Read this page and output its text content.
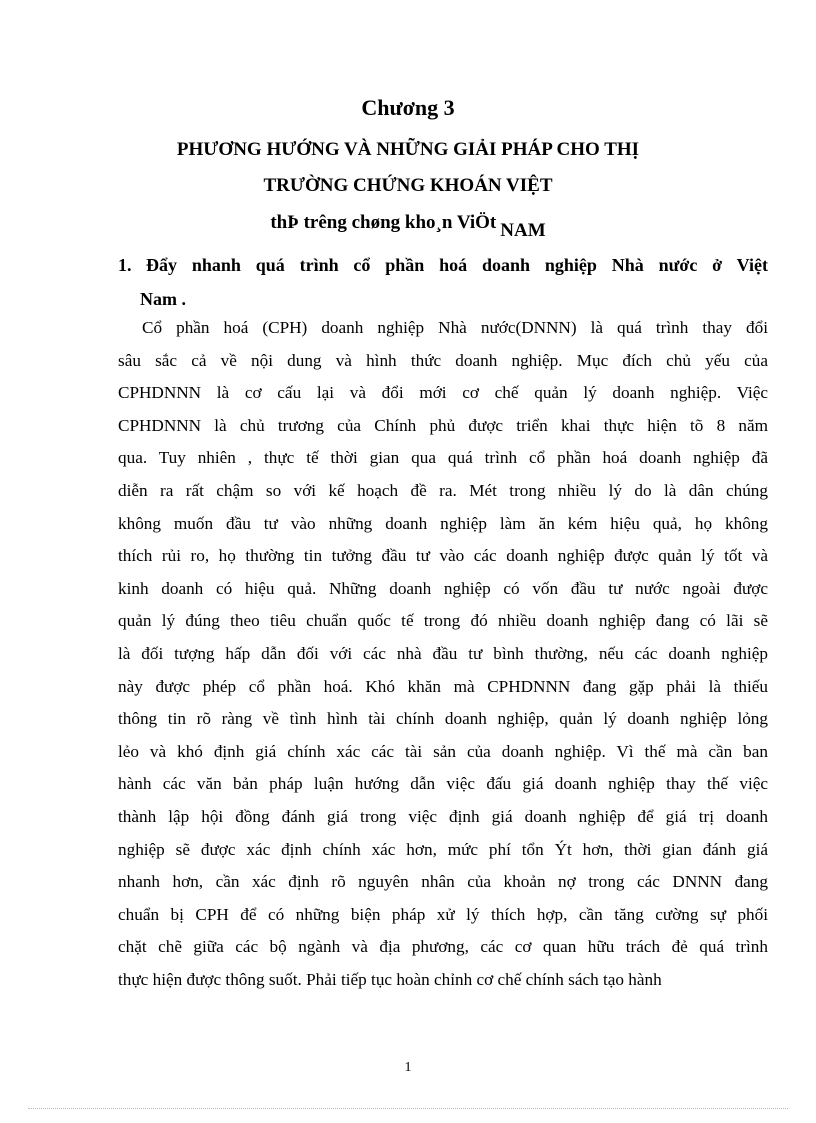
Chương 3
PHƯƠNG HƯỚNG VÀ NHỮNG GIẢI PHÁP CHO THỊ
TRƯỜNG CHỨNG KHOÁN VIỆT
thÞ trêng chøng kho¸n ViÖt NAM
1. Đẩy nhanh quá trình cổ phần hoá doanh nghiệp Nhà nước ở Việt
Nam .
Cổ phần hoá (CPH) doanh nghiệp Nhà nước(DNNN) là quá trình thay đổi
sâu sắc cả về nội dung và hình thức doanh nghiệp. Mục đích chủ yếu của
CPHDNNN là cơ cấu lại và đổi mới cơ chế quản lý doanh nghiệp. Việc
CPHDNNN là chủ trương của Chính phủ được triển khai thực hiện tõ 8 năm
qua. Tuy nhiên , thực tế thời gian qua quá trình cổ phần hoá doanh nghiệp đã
diễn ra rất chậm so với kế hoạch đề ra. Mét trong nhiều lý do là dân chúng
không muốn đầu tư vào những doanh nghiệp làm ăn kém hiệu quả, họ không
thích rủi ro, họ thường tin tưởng đầu tư vào các doanh nghiệp được quản lý tốt và
kinh doanh có hiệu quả. Những doanh nghiệp có vốn đầu tư nước ngoài được
quản lý đúng theo tiêu chuẩn quốc tế trong đó nhiều doanh nghiệp đang có lãi sẽ
là đối tượng hấp dẫn đối với các nhà đầu tư bình thường, nếu các doanh nghiệp
này được phép cổ phần hoá. Khó khăn mà CPHDNNN đang gặp phải là thiếu
thông tin rõ ràng về tình hình tài chính doanh nghiệp, quản lý doanh nghiệp lỏng
lẻo và khó định giá chính xác các tài sản của doanh nghiệp. Vì thế mà cần ban
hành các văn bản pháp luận hướng dẫn việc đấu giá doanh nghiệp thay thế việc
thành lập hội đồng đánh giá trong việc định giá doanh nghiệp để giá trị doanh
nghiệp sẽ được xác định chính xác hơn, mức phí tổn Ýt hơn, thời gian đánh giá
nhanh hơn, cần xác định rõ nguyên nhân của khoản nợ trong các DNNN đang
chuẩn bị CPH để có những biện pháp xử lý thích hợp, cần tăng cường sự phối
chặt chẽ giữa các bộ ngành và địa phương, các cơ quan hữu trách đẻ quá trình
thực hiện được thông suốt. Phải tiếp tục hoàn chỉnh cơ chế chính sách tạo hành
1
